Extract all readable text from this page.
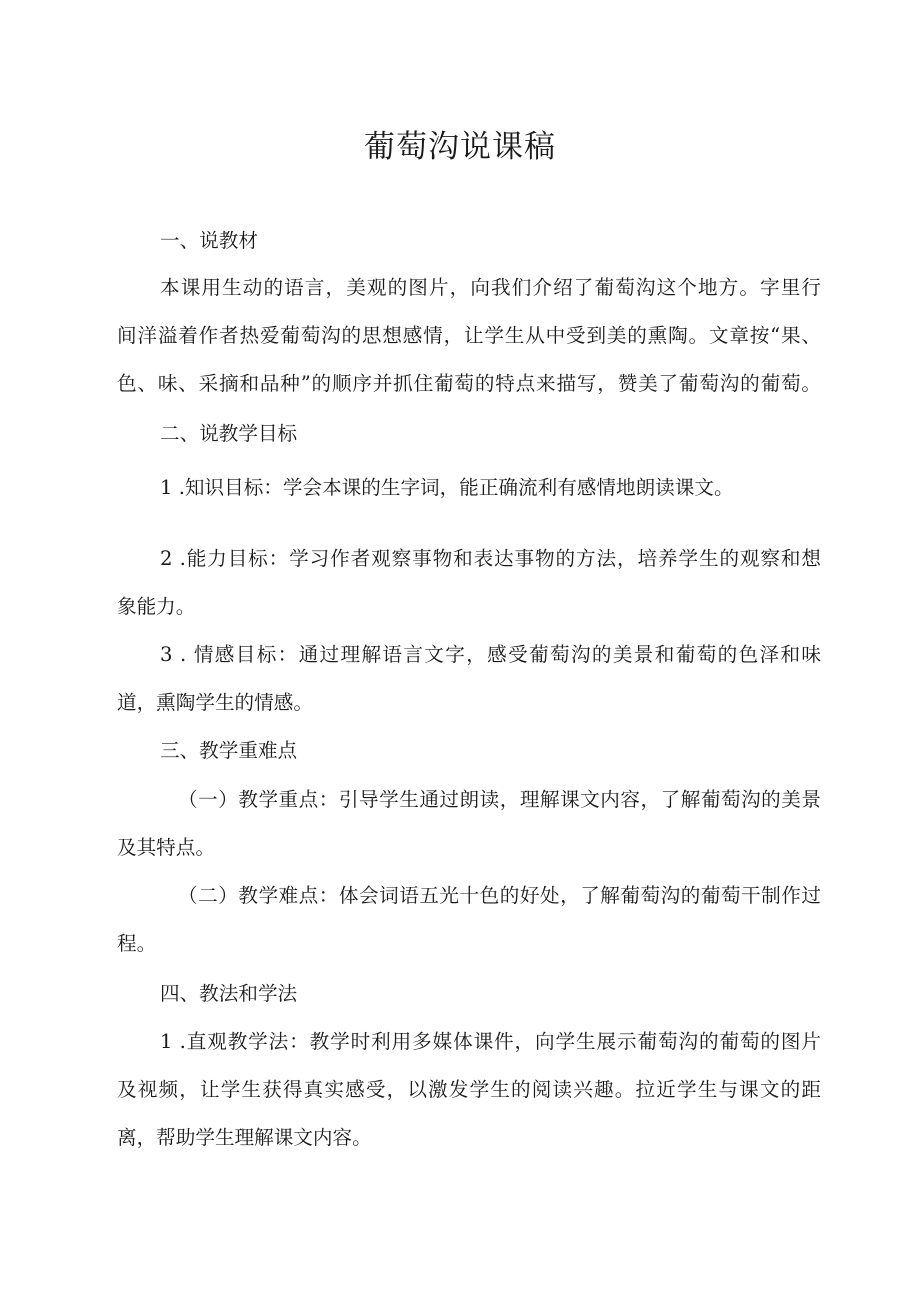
葡萄沟说课稿

一、说教材

本课用生动的语言，美观的图片，向我们介绍了葡萄沟这个地方。字里行

间洋溢着作者热爱葡萄沟的思想感情，让学生从中受到美的熏陶。文章按“果、

色、味、采摘和品种”的顺序并抓住葡萄的特点来描写，赞美了葡萄沟的葡萄。

二、说教学目标

1 .知识目标：学会本课的生字词，能正确流利有感情地朗读课文。

2 .能力目标：学习作者观察事物和表达事物的方法，培养学生的观察和想

象能力。

3 . 情感目标：通过理解语言文字，感受葡萄沟的美景和葡萄的色泽和味

道，熏陶学生的情感。

三、教学重难点

（一）教学重点：引导学生通过朗读，理解课文内容，了解葡萄沟的美景

及其特点。

（二）教学难点：体会词语五光十色的好处，了解葡萄沟的葡萄干制作过

程。

四、教法和学法

1 .直观教学法：教学时利用多媒体课件，向学生展示葡萄沟的葡萄的图片

及视频，让学生获得真实感受，以激发学生的阅读兴趣。拉近学生与课文的距

离，帮助学生理解课文内容。
